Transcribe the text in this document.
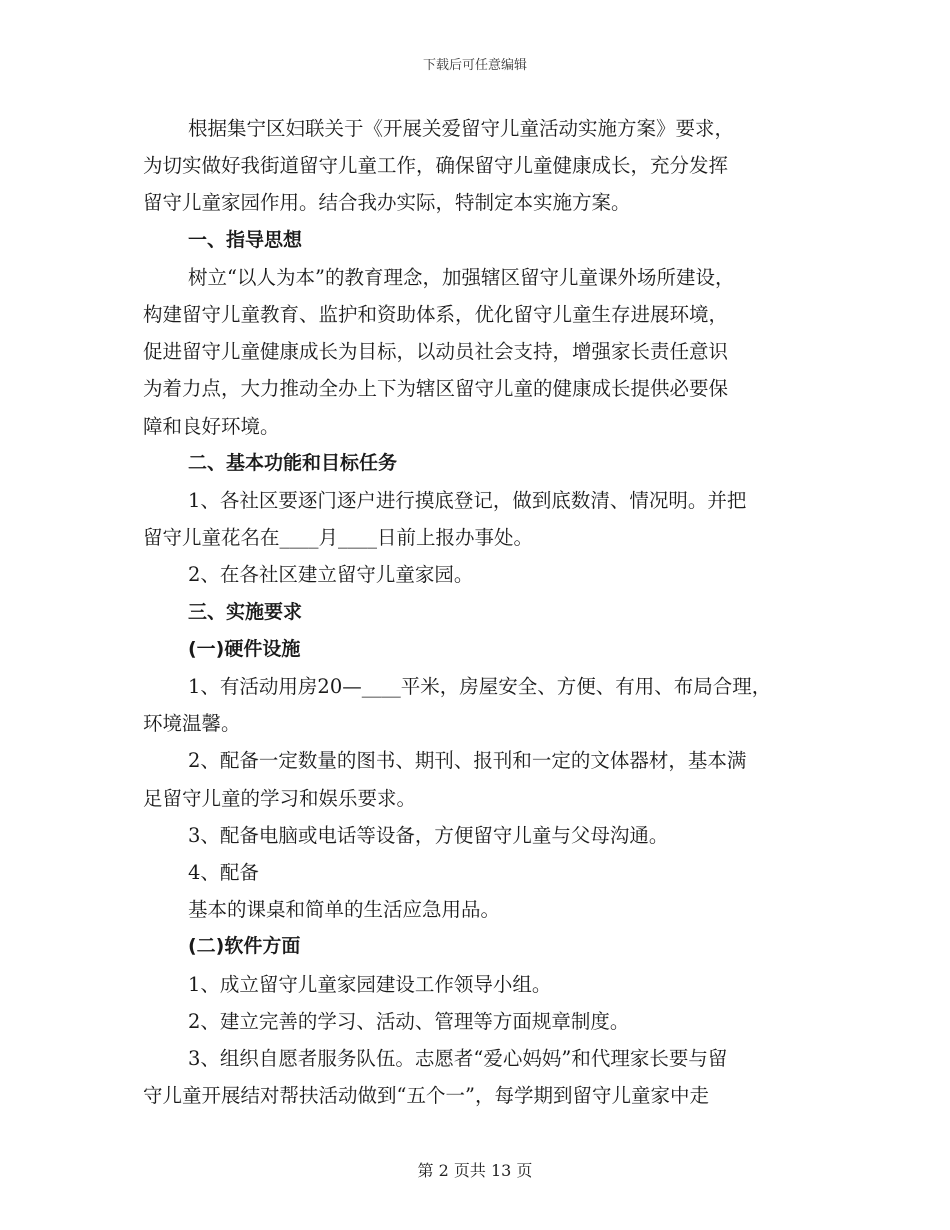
下载后可任意编辑

根据集宁区妇联关于《开展关爱留守儿童活动实施方案》要求，

为切实做好我街道留守儿童工作，确保留守儿童健康成长，充分发挥

留守儿童家园作用。结合我办实际，特制定本实施方案。

一、指导思想

树立“以人为本”的教育理念，加强辖区留守儿童课外场所建设，

构建留守儿童教育、监护和资助体系，优化留守儿童生存进展环境，

促进留守儿童健康成长为目标，以动员社会支持，增强家长责任意识

为着力点，大力推动全办上下为辖区留守儿童的健康成长提供必要保

障和良好环境。

二、基本功能和目标任务

1、各社区要逐门逐户进行摸底登记，做到底数清、情况明。并把

留守儿童花名在____月____日前上报办事处。

2、在各社区建立留守儿童家园。

三、实施要求

(一)硬件设施

1、有活动用房20—____平米，房屋安全、方便、有用、布局合理，

环境温馨。

2、配备一定数量的图书、期刊、报刊和一定的文体器材，基本满

足留守儿童的学习和娱乐要求。

3、配备电脑或电话等设备，方便留守儿童与父母沟通。

4、配备

基本的课桌和简单的生活应急用品。

(二)软件方面

1、成立留守儿童家园建设工作领导小组。

2、建立完善的学习、活动、管理等方面规章制度。

3、组织自愿者服务队伍。志愿者“爱心妈妈”和代理家长要与留

守儿童开展结对帮扶活动做到“五个一”，每学期到留守儿童家中走

第 2 页共 13 页
